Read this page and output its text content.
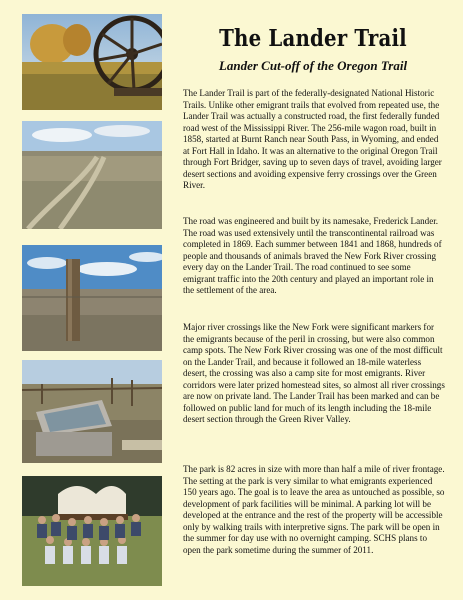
The Lander Trail
Lander Cut-off of the Oregon Trail

The Lander Trail is part of the federally-designated National Historic Trails. Unlike other emigrant trails that evolved from repeated use, the Lander Trail was actually a constructed road, the first federally funded road west of the Mississippi River. The 256-mile wagon road, built in 1858, started at Burnt Ranch near South Pass, in Wyoming, and ended at Fort Hall in Idaho. It was an alternative to the original Oregon Trail through Fort Bridger, saving up to seven days of travel, avoiding larger desert sections and avoiding expensive ferry crossings over the Green River.

The road was engineered and built by its namesake, Frederick Lander. The road was used extensively until the transcontinental railroad was completed in 1869. Each summer between 1841 and 1868, hundreds of people and thousands of animals braved the New Fork River crossing every day on the Lander Trail. The road continued to see some emigrant traffic into the 20th century and played an important role in the settlement of the area.

Major river crossings like the New Fork were significant markers for the emigrants because of the peril in crossing, but were also common camp spots. The New Fork River crossing was one of the most difficult on the Lander Trail, and because it followed an 18-mile waterless desert, the crossing was also a camp site for most emigrants. River corridors were later prized homestead sites, so almost all river crossings are now on private land. The Lander Trail has been marked and can be followed on public land for much of its length including the 18-mile desert section through the Green River Valley.

The park is 82 acres in size with more than half a mile of river frontage. The setting at the park is very similar to what emigrants experienced 150 years ago. The goal is to leave the area as untouched as possible, so development of park facilities will be minimal. A parking lot will be developed at the entrance and the rest of the property will be accessible only by walking trails with interpretive signs. The park will be open in the summer for day use with no overnight camping. SCHS plans to open the park sometime during the summer of 2011.
